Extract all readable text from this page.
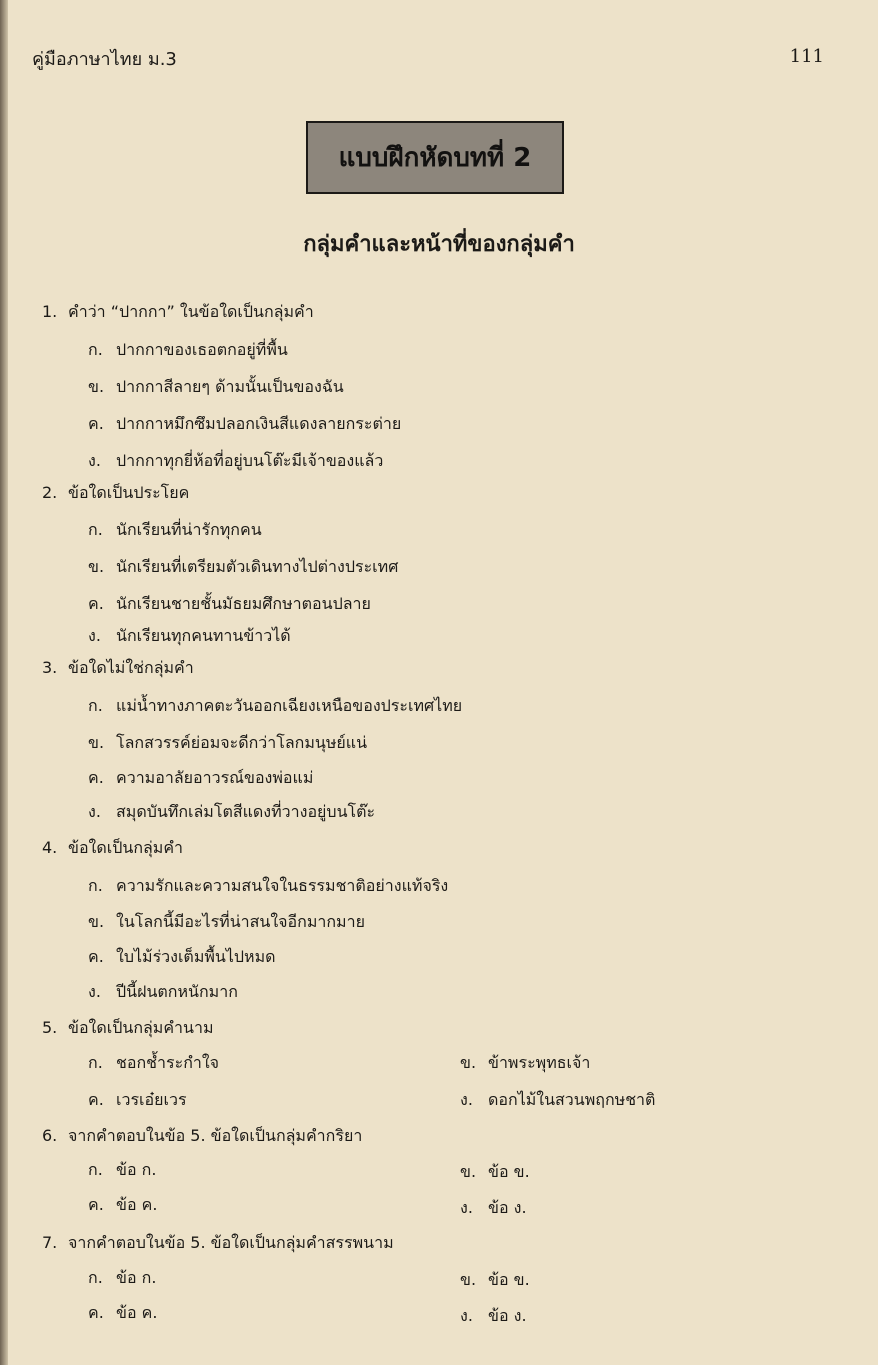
คู่มือภาษาไทย ม.3	111
แบบฝึกหัดบทที่ 2
กลุ่มคำและหน้าที่ของกลุ่มคำ
1. คำว่า “ปากกา” ในข้อใดเป็นกลุ่มคำ
ก. ปากกาของเธอตกอยู่ที่พื้น
ข. ปากกาสีลายๆ ด้ามนั้นเป็นของฉัน
ค. ปากกาหมึกซึมปลอกเงินสีแดงลายกระต่าย
ง. ปากกาทุกยี่ห้อที่อยู่บนโต๊ะมีเจ้าของแล้ว
2. ข้อใดเป็นประโยค
ก. นักเรียนที่น่ารักทุกคน
ข. นักเรียนที่เตรียมตัวเดินทางไปต่างประเทศ
ค. นักเรียนชายชั้นมัธยมศึกษาตอนปลาย
ง. นักเรียนทุกคนทานข้าวได้
3. ข้อใดไม่ใช่กลุ่มคำ
ก. แม่น้ำทางภาคตะวันออกเฉียงเหนือของประเทศไทย
ข. โลกสวรรค์ย่อมจะดีกว่าโลกมนุษย์แน่
ค. ความอาลัยอาวรณ์ของพ่อแม่
ง. สมุดบันทึกเล่มโตสีแดงที่วางอยู่บนโต๊ะ
4. ข้อใดเป็นกลุ่มคำ
ก. ความรักและความสนใจในธรรมชาติอย่างแท้จริง
ข. ในโลกนี้มีอะไรที่น่าสนใจอีกมากมาย
ค. ใบไม้ร่วงเต็มพื้นไปหมด
ง. ปีนี้ฝนตกหนักมาก
5. ข้อใดเป็นกลุ่มคำนาม
ก. ชอกช้ำระกำใจ	ข. ข้าพระพุทธเจ้า
ค. เวรเอ๋ยเวร	ง. ดอกไม้ในสวนพฤกษชาติ
6. จากคำตอบในข้อ 5. ข้อใดเป็นกลุ่มคำกริยา
ก. ข้อ ก.	ข. ข้อ ข.
ค. ข้อ ค.	ง. ข้อ ง.
7. จากคำตอบในข้อ 5. ข้อใดเป็นกลุ่มคำสรรพนาม
ก. ข้อ ก.	ข. ข้อ ข.
ค. ข้อ ค.	ง. ข้อ ง.
